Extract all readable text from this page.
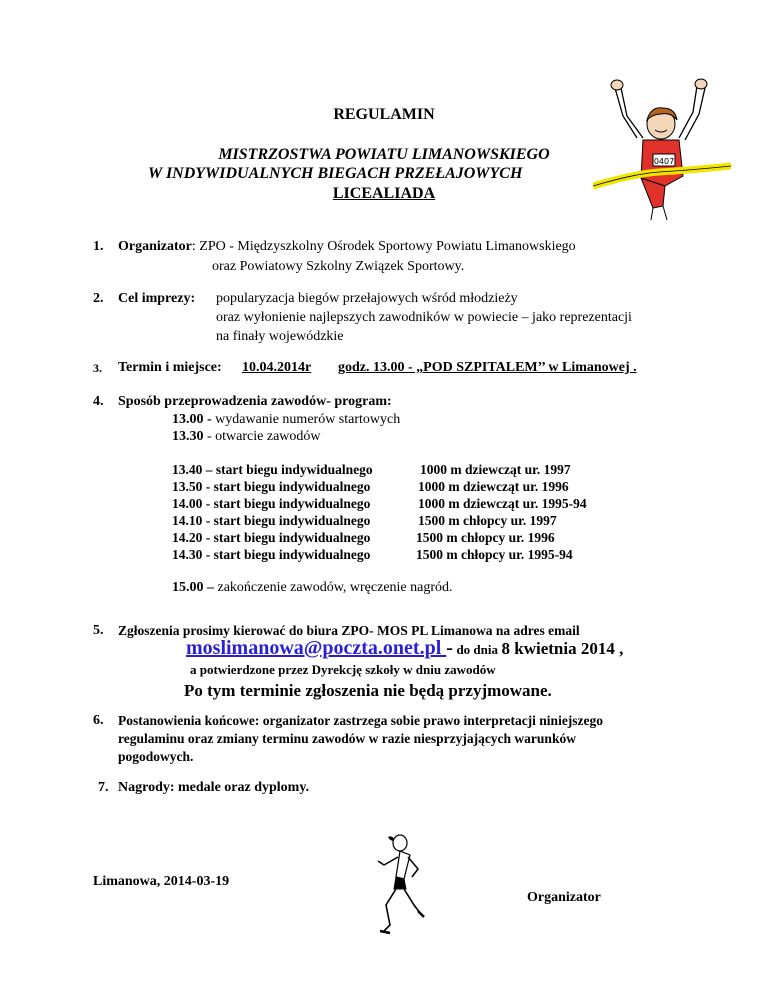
REGULAMIN
MISTRZOSTWA POWIATU LIMANOWSKIEGO
W INDYWIDUALNYCH BIEGACH PRZEŁAJOWYCH
LICEALIADA
0407
1. Organizator: ZPO - Międzyszkolny Ośrodek Sportowy Powiatu Limanowskiego
oraz Powiatowy Szkolny Związek Sportowy.
2. Cel imprezy: popularyzacja biegów przełajowych wśród młodzieży
oraz wyłonienie najlepszych zawodników w powiecie – jako reprezentacji
na finały wojewódzkie
3. Termin i miejsce: 10.04.2014r godz. 13.00 - „POD SZPITALEM’’ w Limanowej .
4. Sposób przeprowadzenia zawodów- program:
13.00 - wydawanie numerów startowych
13.30 - otwarcie zawodów
13.40 – start biegu indywidualnego	1000 m dziewcząt ur. 1997
13.50 - start biegu indywidualnego	1000 m dziewcząt ur. 1996
14.00 - start biegu indywidualnego	1000 m dziewcząt ur. 1995-94
14.10 - start biegu indywidualnego	1500 m chłopcy ur. 1997
14.20 - start biegu indywidualnego	1500 m chłopcy ur. 1996
14.30 - start biegu indywidualnego	1500 m chłopcy ur. 1995-94
15.00 – zakończenie zawodów, wręczenie nagród.
5. Zgłoszenia prosimy kierować do biura ZPO- MOS PL Limanowa na adres email
moslimanowa@poczta.onet.pl - do dnia 8 kwietnia 2014 ,
a potwierdzone przez Dyrekcję szkoły w dniu zawodów
Po tym terminie zgłoszenia nie będą przyjmowane.
6. Postanowienia końcowe: organizator zastrzega sobie prawo interpretacji niniejszego
regulaminu oraz zmiany terminu zawodów w razie niesprzyjających warunków
pogodowych.
7. Nagrody: medale oraz dyplomy.
Limanowa, 2014-03-19
Organizator
